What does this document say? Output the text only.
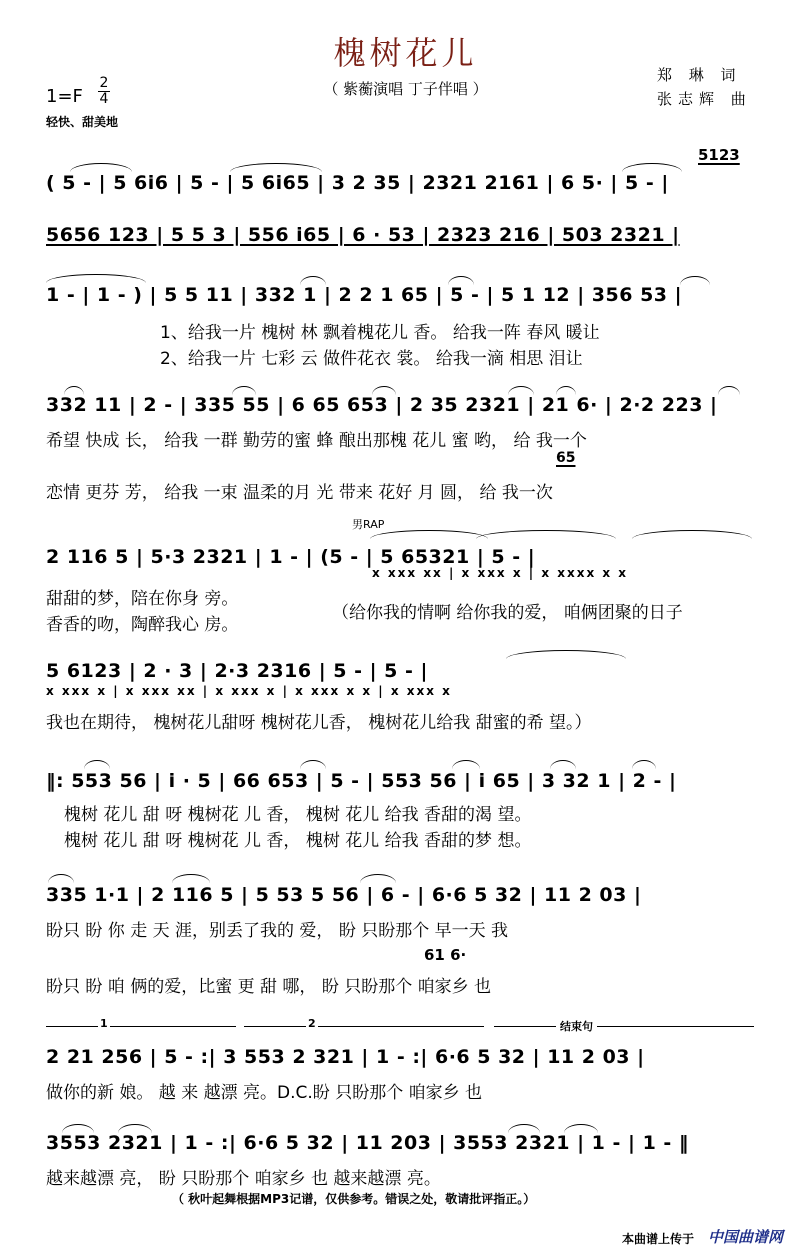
槐树花儿
（ 紫蘅演唱 丁子伴唱 ）
郑 琳 词
张志辉 曲
1=F
2
4
轻快、甜美地
5123
( 5 - | 5 6i6 | 5 - | 5 6i65 | 3 2 35 | 2321 2161 | 6 5· | 5 - |
5656 123 | 5 5 3 | 556 i65 | 6 · 53 | 2323 216 | 503 2321 |
1 - | 1 - ) | 5 5 11 | 332 1 | 2 2 1 65 | 5 - | 5 1 12 | 356 53 |
1、给我一片 槐树 林 飘着槐花儿 香。 给我一阵 春风 暖让
2、给我一片 七彩 云 做件花衣 裳。 给我一滴 相思 泪让
332 11 | 2 - | 335 55 | 6 65 653 | 2 35 2321 | 21 6· | 2·2 223 |
希望 快成 长， 给我 一群 勤劳的蜜 蜂 酿出那槐 花儿 蜜 哟， 给 我一个
65
恋情 更芬 芳， 给我 一束 温柔的月 光 带来 花好 月 圆， 给 我一次
男RAP
2 116 5 | 5·3 2321 | 1 - | (5 - | 5 65321 | 5 - |
x xxx xx | x xxx x | x xxxx x x
甜甜的梦，陪在你身 旁。
香香的吻，陶醉我心 房。
（给你我的情啊 给你我的爱， 咱俩团聚的日子
5 6123 | 2 · 3 | 2·3 2316 | 5 - | 5 - |
x xxx x | x xxx xx | x xxx x | x xxx x x | x xxx x
我也在期待， 槐树花儿甜呀 槐树花儿香， 槐树花儿给我 甜蜜的希 望。）
‖: 553 56 | i · 5 | 66 653 | 5 - | 553 56 | i 65 | 3 32 1 | 2 - |
槐树 花儿 甜 呀 槐树花 儿 香， 槐树 花儿 给我 香甜的渴 望。
槐树 花儿 甜 呀 槐树花 儿 香， 槐树 花儿 给我 香甜的梦 想。
335 1·1 | 2 116 5 | 5 53 5 56 | 6 - | 6·6 5 32 | 11 2 03 |
盼只 盼 你 走 天 涯，别丢了我的 爱， 盼 只盼那个 早一天 我
61 6·
盼只 盼 咱 俩的爱，比蜜 更 甜 哪， 盼 只盼那个 咱家乡 也
1	2	结束句
2 21 256 | 5 - :| 3 553 2 321 | 1 - :| 6·6 5 32 | 11 2 03 |
做你的新 娘。 越 来 越漂 亮。D.C.盼 只盼那个 咱家乡 也
3553 2321 | 1 - :| 6·6 5 32 | 11 203 | 3553 2321 | 1 - | 1 - ‖
越来越漂 亮， 盼 只盼那个 咱家乡 也 越来越漂 亮。
（ 秋叶起舞根据MP3记谱，仅供参考。错误之处，敬请批评指正。）
本曲谱上传于 中国曲谱网
